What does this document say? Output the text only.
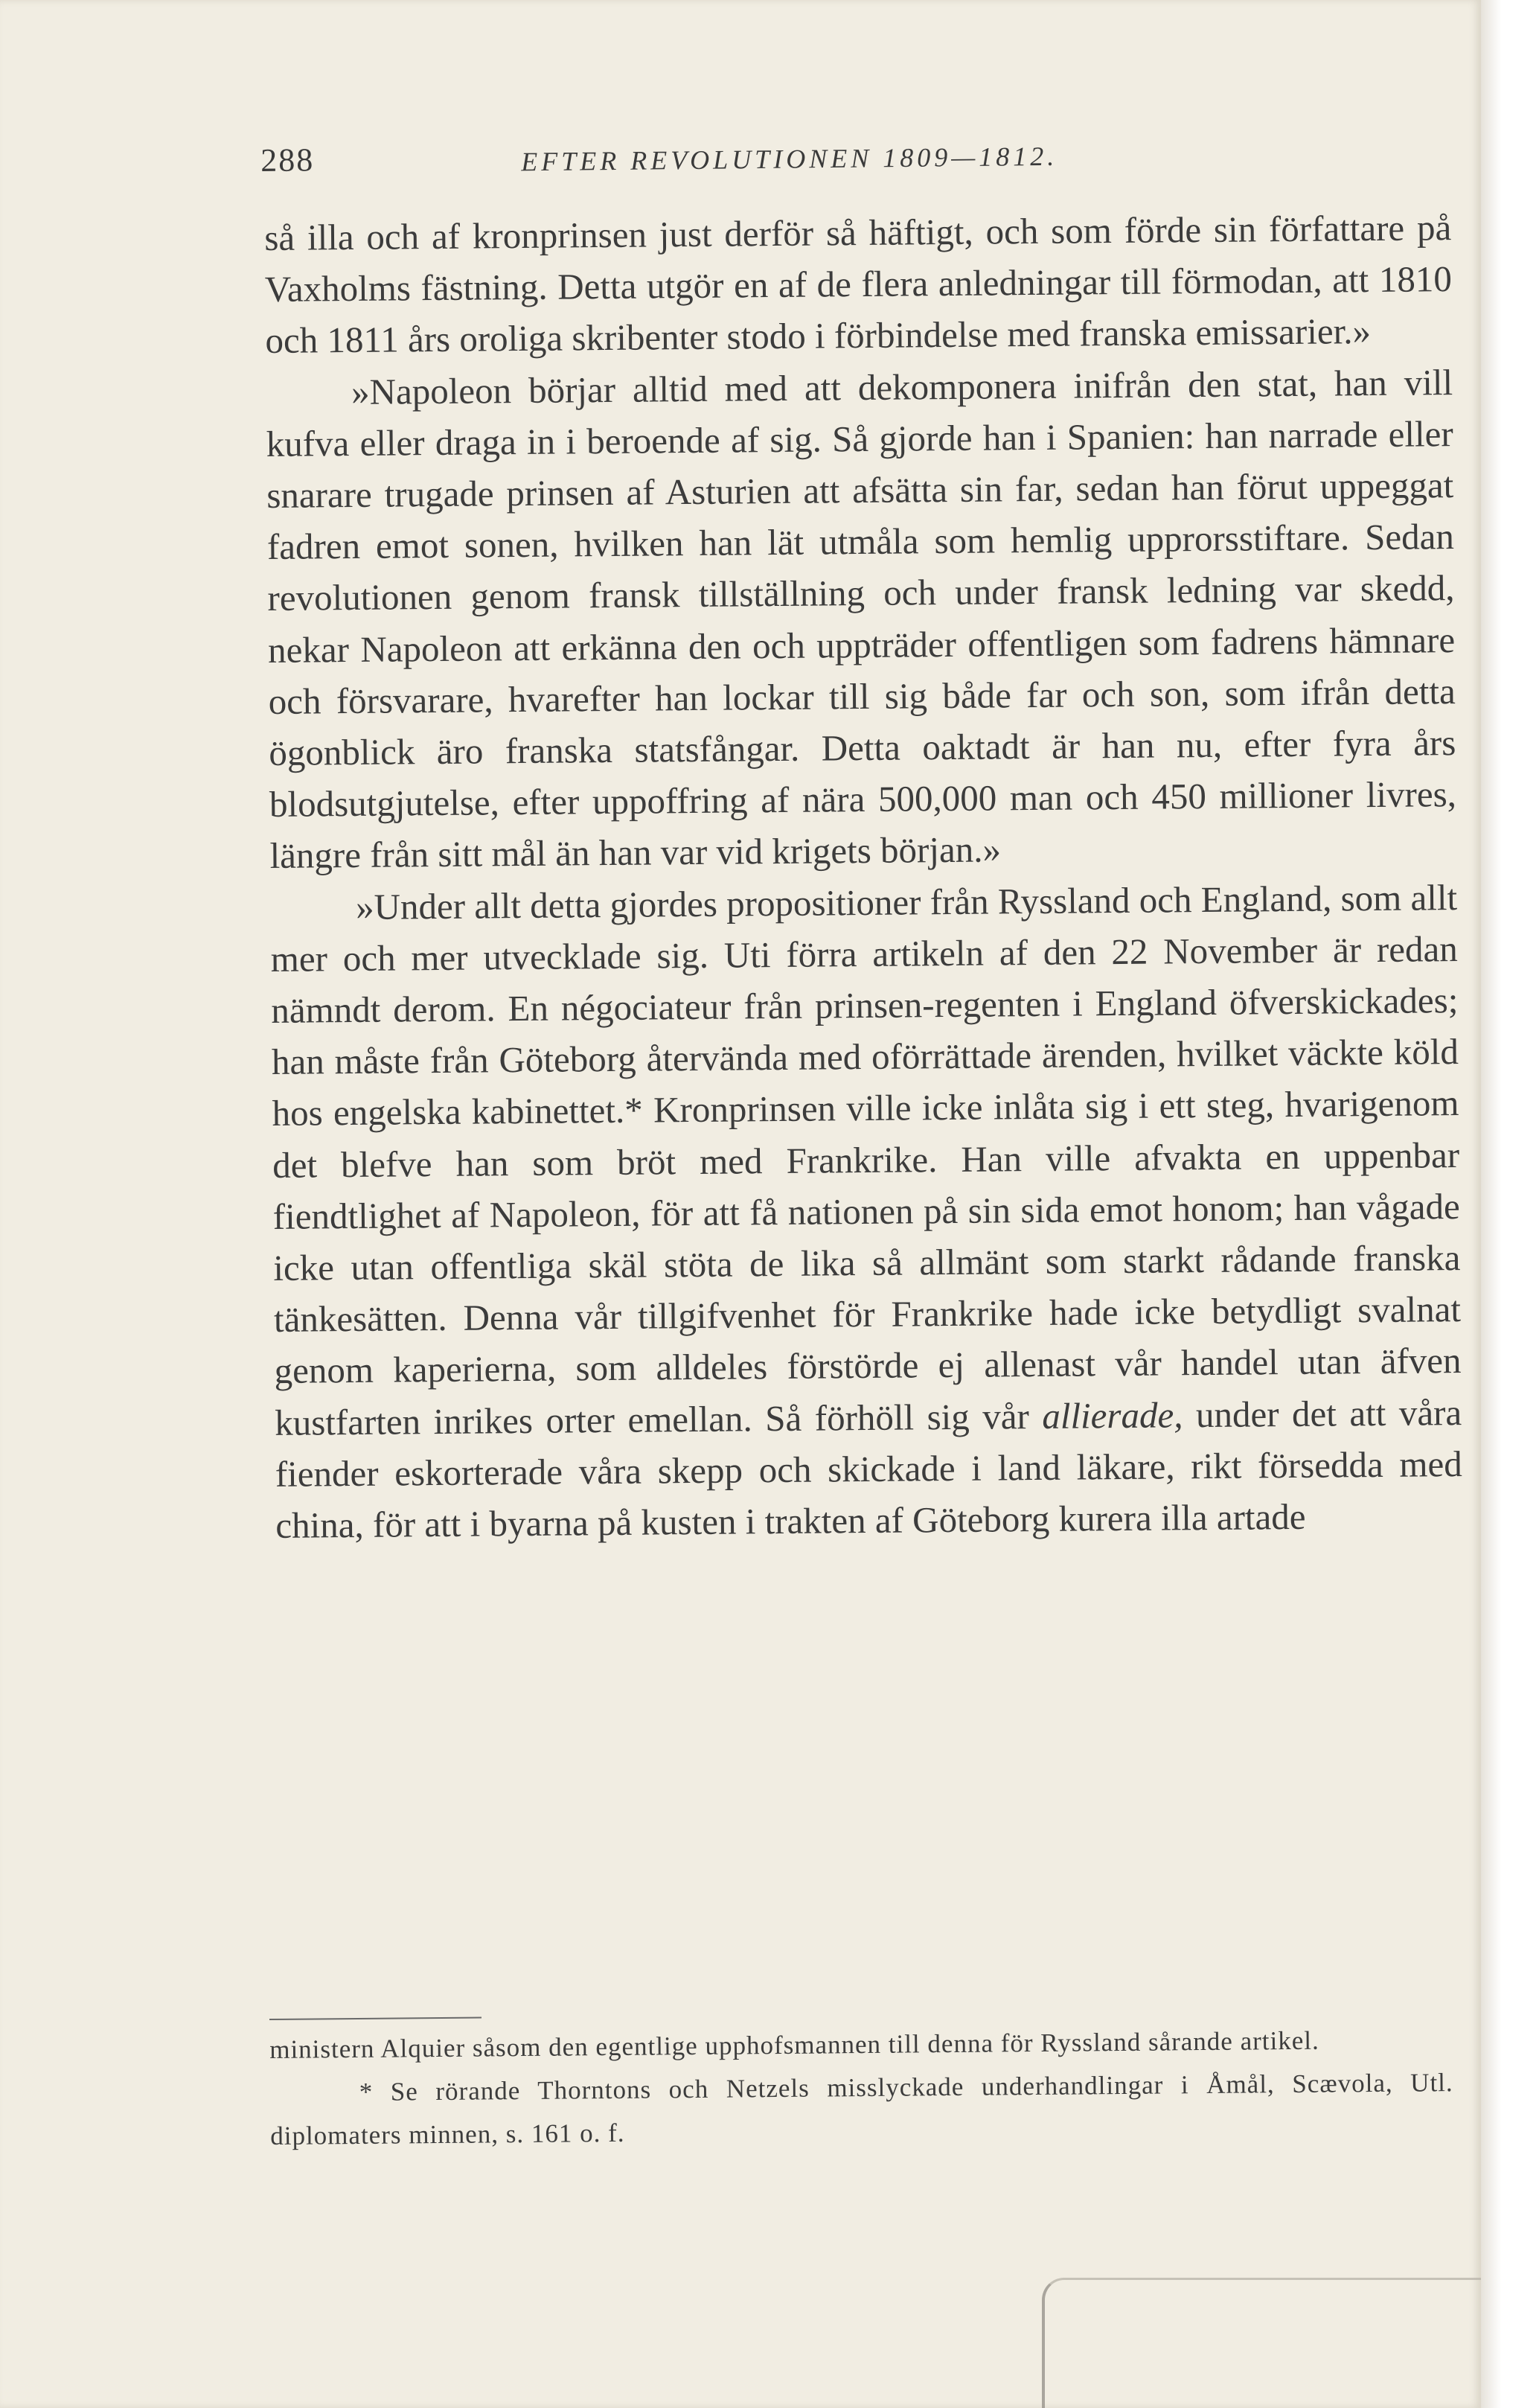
288	EFTER REVOLUTIONEN 1809—1812.

så illa och af kronprinsen just derför så häftigt, och som förde sin författare på Vaxholms fästning. Detta utgör en af de flera anledningar till förmodan, att 1810 och 1811 års oroliga skribenter stodo i förbindelse med franska emissarier.»

»Napoleon börjar alltid med att dekomponera inifrån den stat, han vill kufva eller draga in i beroende af sig. Så gjorde han i Spanien: han narrade eller snarare trugade prinsen af Asturien att afsätta sin far, sedan han förut uppeggat fadren emot sonen, hvilken han lät utmåla som hemlig upprorsstiftare. Sedan revolutionen genom fransk tillställning och under fransk ledning var skedd, nekar Napoleon att erkänna den och uppträder offentligen som fadrens hämnare och försvarare, hvarefter han lockar till sig både far och son, som ifrån detta ögonblick äro franska statsfångar. Detta oaktadt är han nu, efter fyra års blodsutgjutelse, efter uppoffring af nära 500,000 man och 450 millioner livres, längre från sitt mål än han var vid krigets början.»

»Under allt detta gjordes propositioner från Ryssland och England, som allt mer och mer utvecklade sig. Uti förra artikeln af den 22 November är redan nämndt derom. En négociateur från prinsen-regenten i England öfverskickades; han måste från Göteborg återvända med oförrättade ärenden, hvilket väckte köld hos engelska kabinettet.* Kronprinsen ville icke inlåta sig i ett steg, hvarigenom det blefve han som bröt med Frankrike. Han ville afvakta en uppenbar fiendtlighet af Napoleon, för att få nationen på sin sida emot honom; han vågade icke utan offentliga skäl stöta de lika så allmänt som starkt rådande franska tänkesätten. Denna vår tillgifvenhet för Frankrike hade icke betydligt svalnat genom kaperierna, som alldeles förstörde ej allenast vår handel utan äfven kustfarten inrikes orter emellan. Så förhöll sig vår allierade, under det att våra fiender eskorterade våra skepp och skickade i land läkare, rikt försedda med china, för att i byarna på kusten i trakten af Göteborg kurera illa artade

ministern Alquier såsom den egentlige upphofsmannen till denna för Ryssland sårande artikel.

* Se rörande Thorntons och Netzels misslyckade underhandlingar i Åmål, Scævola, Utl. diplomaters minnen, s. 161 o. f.
